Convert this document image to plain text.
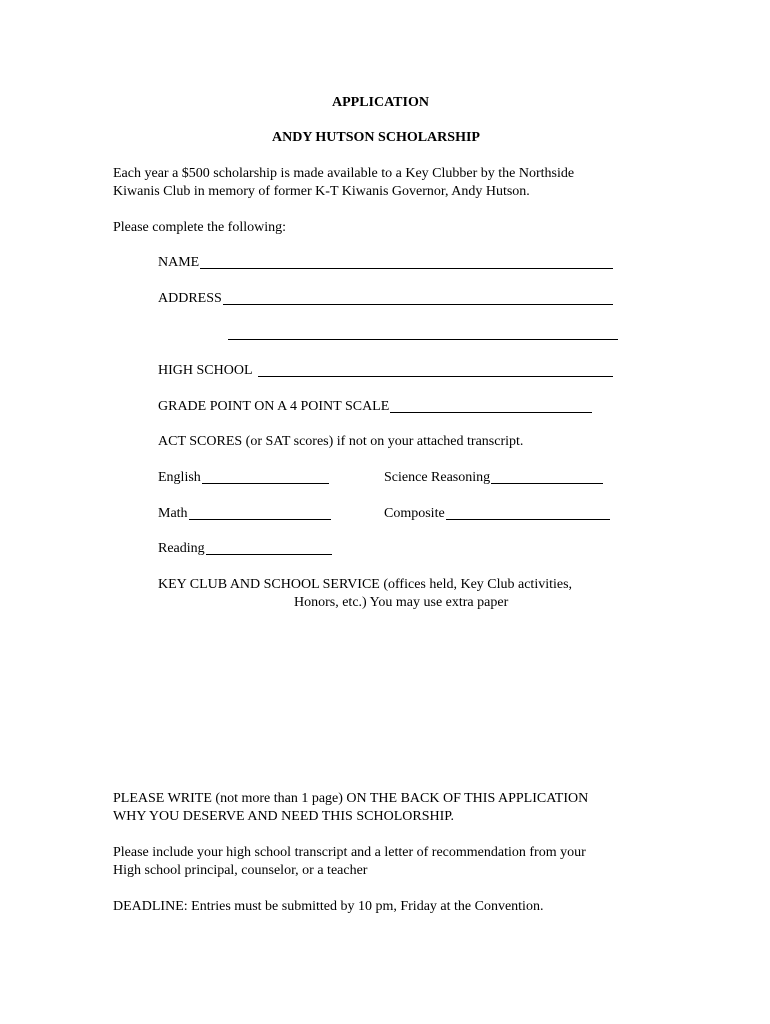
APPLICATION
ANDY HUTSON SCHOLARSHIP
Each year a $500 scholarship is made available to a Key Clubber by the Northside
Kiwanis Club in memory of former K-T Kiwanis Governor, Andy Hutson.
Please complete the following:
NAME
ADDRESS
HIGH SCHOOL
GRADE POINT ON A 4 POINT SCALE
ACT SCORES (or SAT scores) if not on your attached transcript.
English	Science Reasoning
Math	Composite
Reading
KEY CLUB AND SCHOOL SERVICE (offices held, Key Club activities,
Honors, etc.) You may use extra paper
PLEASE WRITE (not more than 1 page) ON THE BACK OF THIS APPLICATION
WHY YOU DESERVE AND NEED THIS SCHOLORSHIP.
Please include your high school transcript and a letter of recommendation from your
High school principal, counselor, or a teacher
DEADLINE: Entries must be submitted by 10 pm, Friday at the Convention.
